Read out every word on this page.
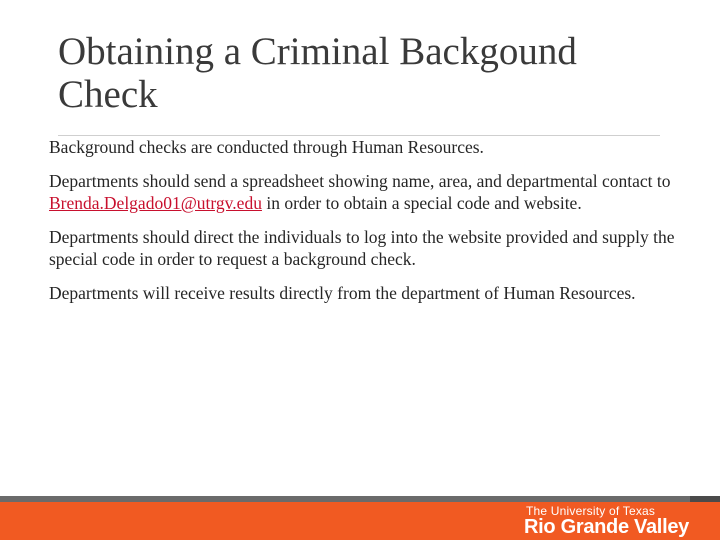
Obtaining a Criminal Backgound Check

Background checks are conducted through Human Resources.

Departments should send a spreadsheet showing name, area, and departmental contact to Brenda.Delgado01@utrgv.edu in order to obtain a special code and website.

Departments should direct the individuals to log into the website provided and supply the special code in order to request a background check.

Departments will receive results directly from the department of Human Resources.

The University of Texas
Rio Grande Valley
